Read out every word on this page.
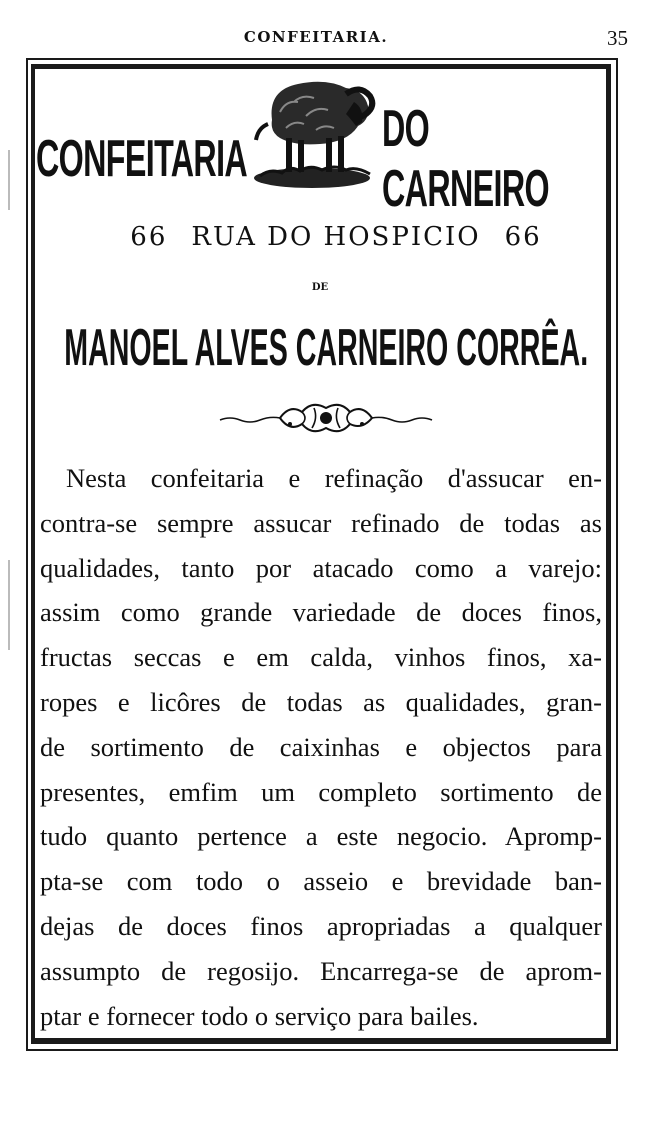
CONFEITARIA.	35
CONFEITARIA
DO CARNEIRO
66 RUA DO HOSPICIO 66
DE
MANOEL ALVES CARNEIRO CORRÊA.
Nesta confeitaria e refinação d'assucar en-
contra-se sempre assucar refinado de todas as
qualidades, tanto por atacado como a varejo:
assim como grande variedade de doces finos,
fructas seccas e em calda, vinhos finos, xa-
ropes e licôres de todas as qualidades, gran-
de sortimento de caixinhas e objectos para
presentes, emfim um completo sortimento de
tudo quanto pertence a este negocio. Apromp-
pta-se com todo o asseio e brevidade ban-
dejas de doces finos apropriadas a qualquer
assumpto de regosijo. Encarrega-se de aprom-
ptar e fornecer todo o serviço para bailes.
